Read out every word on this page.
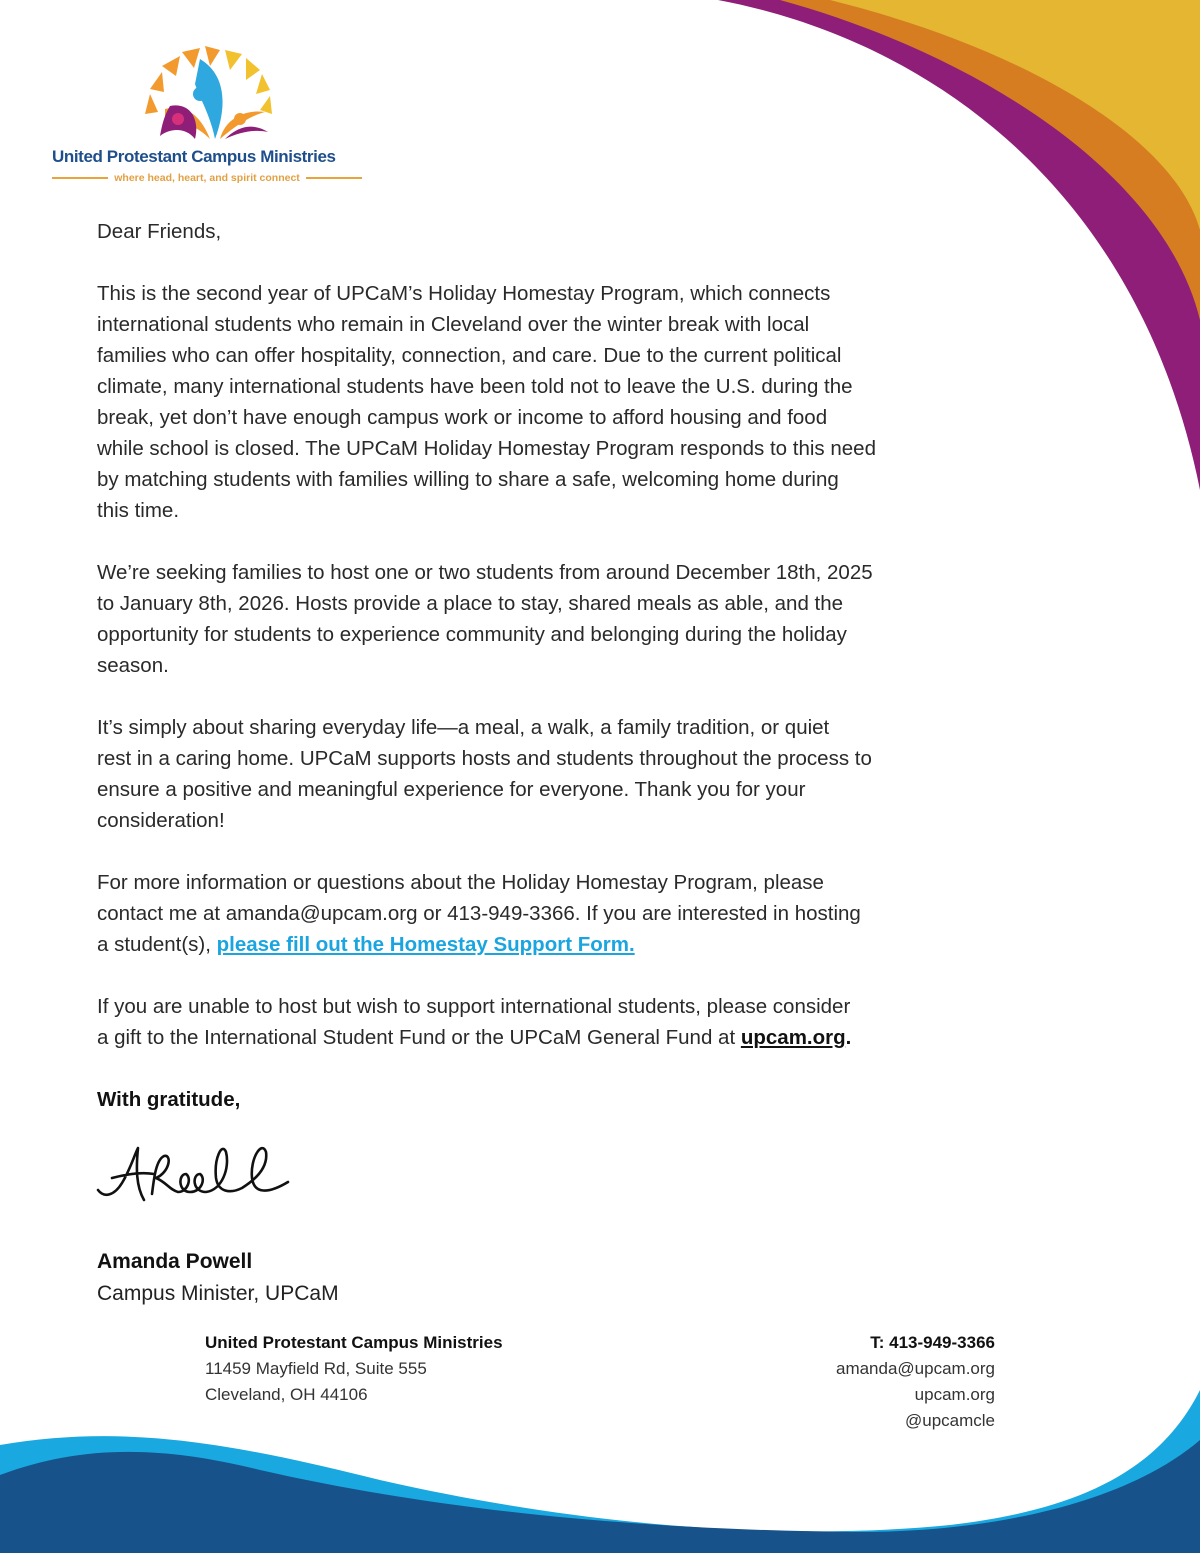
United Protestant Campus Ministries
where head, heart, and spirit connect
Dear Friends,
This is the second year of UPCaM’s Holiday Homestay Program, which connects
international students who remain in Cleveland over the winter break with local
families who can offer hospitality, connection, and care. Due to the current political
climate, many international students have been told not to leave the U.S. during the
break, yet don’t have enough campus work or income to afford housing and food
while school is closed. The UPCaM Holiday Homestay Program responds to this need
by matching students with families willing to share a safe, welcoming home during
this time.
We’re seeking families to host one or two students from around December 18th, 2025
to January 8th, 2026. Hosts provide a place to stay, shared meals as able, and the
opportunity for students to experience community and belonging during the holiday
season.
It’s simply about sharing everyday life—a meal, a walk, a family tradition, or quiet
rest in a caring home. UPCaM supports hosts and students throughout the process to
ensure a positive and meaningful experience for everyone. Thank you for your
consideration!
For more information or questions about the Holiday Homestay Program, please
contact me at amanda@upcam.org or 413-949-3366. If you are interested in hosting
a student(s), please fill out the Homestay Support Form.
If you are unable to host but wish to support international students, please consider
a gift to the International Student Fund or the UPCaM General Fund at upcam.org.
With gratitude,
Amanda Powell
Campus Minister, UPCaM
United Protestant Campus Ministries
11459 Mayfield Rd, Suite 555
Cleveland, OH 44106
T: 413-949-3366
amanda@upcam.org
upcam.org
@upcamcle
